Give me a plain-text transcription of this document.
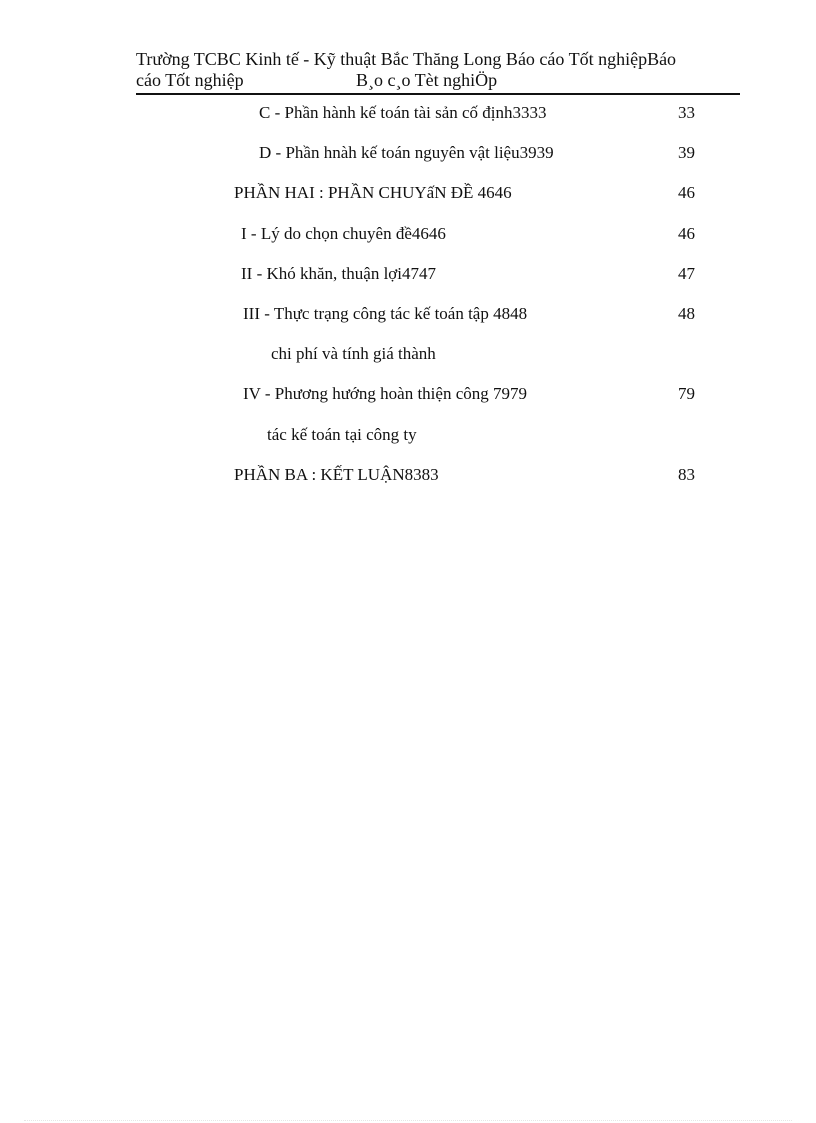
Trường TCBC Kinh tế - Kỹ thuật Bắc Thăng Long Báo cáo Tốt nghiệpBáo
cáo Tốt nghiệp	B¸o c¸o Tèt nghiÖp
C - Phần hành kế toán tài sản cố định3333	33
D - Phần hnàh kế toán nguyên vật liệu3939	39
PHẦN HAI : PHẦN CHUYấN ĐỀ 4646	46
I - Lý do chọn chuyên đề4646	46
II - Khó khăn, thuận lợi4747	47
III - Thực trạng công tác kế toán tập 4848	48
chi phí và tính giá thành
IV - Phương hướng hoàn thiện công 7979	79
tác kế toán tại công ty
PHẦN BA : KẾT LUẬN8383	83
